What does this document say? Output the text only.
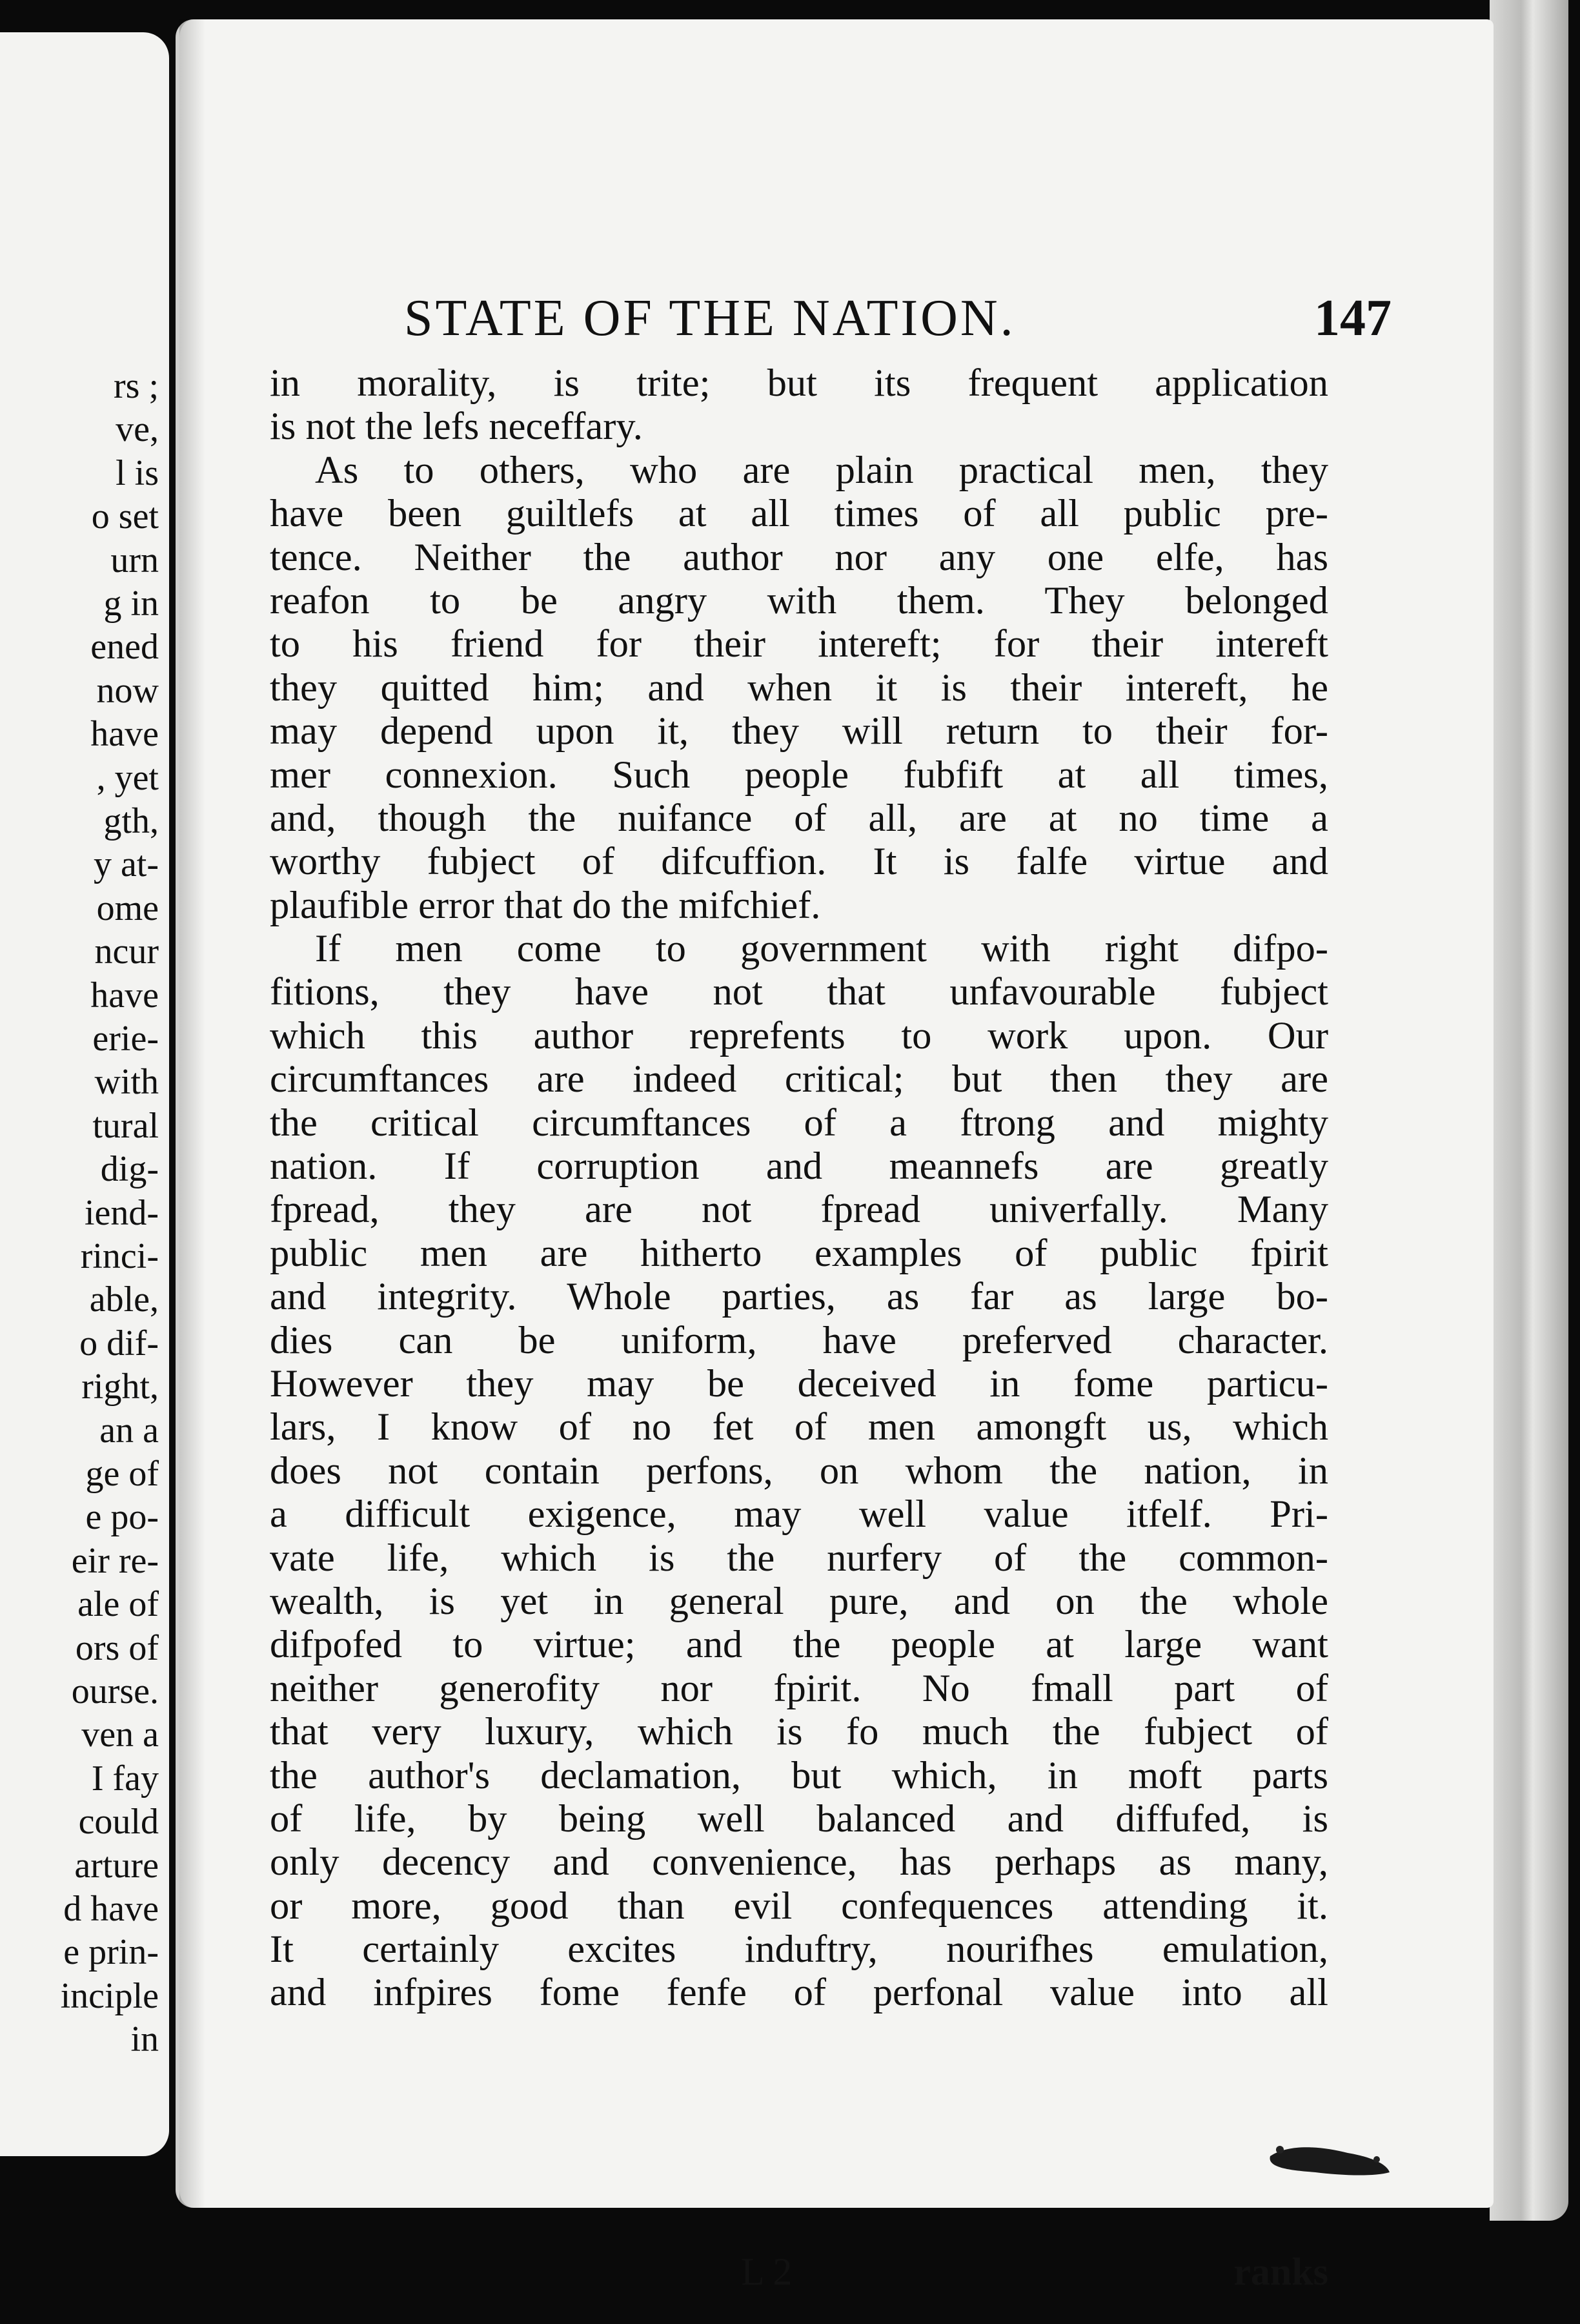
rs ;
ve,
l is
o set
urn
g in
ened
now
have
, yet
gth,
y at-
ome
ncur
have
erie-
with
tural
dig-
iend-
rinci-
able,
o dif-
right,
an a
ge of
e po-
eir re-
ale of
ors of
ourse.
ven a
I fay
could
arture
d have
e prin-
inciple
in
STATE OF THE NATION.	147
in morality, is trite; but its frequent application
is not the lefs neceffary.
As to others, who are plain practical men, they
have been guiltlefs at all times of all public pre-
tence. Neither the author nor any one elfe, has
reafon to be angry with them. They belonged
to his friend for their intereft; for their intereft
they quitted him; and when it is their intereft, he
may depend upon it, they will return to their for-
mer connexion. Such people fubfift at all times,
and, though the nuifance of all, are at no time a
worthy fubject of difcuffion. It is falfe virtue and
plaufible error that do the mifchief.
If men come to government with right difpo-
fitions, they have not that unfavourable fubject
which this author reprefents to work upon. Our
circumftances are indeed critical; but then they are
the critical circumftances of a ftrong and mighty
nation. If corruption and meannefs are greatly
fpread, they are not fpread univerfally. Many
public men are hitherto examples of public fpirit
and integrity. Whole parties, as far as large bo-
dies can be uniform, have preferved character.
However they may be deceived in fome particu-
lars, I know of no fet of men amongft us, which
does not contain perfons, on whom the nation, in
a difficult exigence, may well value itfelf. Pri-
vate life, which is the nurfery of the common-
wealth, is yet in general pure, and on the whole
difpofed to virtue; and the people at large want
neither generofity nor fpirit. No fmall part of
that very luxury, which is fo much the fubject of
the author's declamation, but which, in moft parts
of life, by being well balanced and diffufed, is
only decency and convenience, has perhaps as many,
or more, good than evil confequences attending it.
It certainly excites induftry, nourifhes emulation,
and infpires fome fenfe of perfonal value into all
L 2	ranks
